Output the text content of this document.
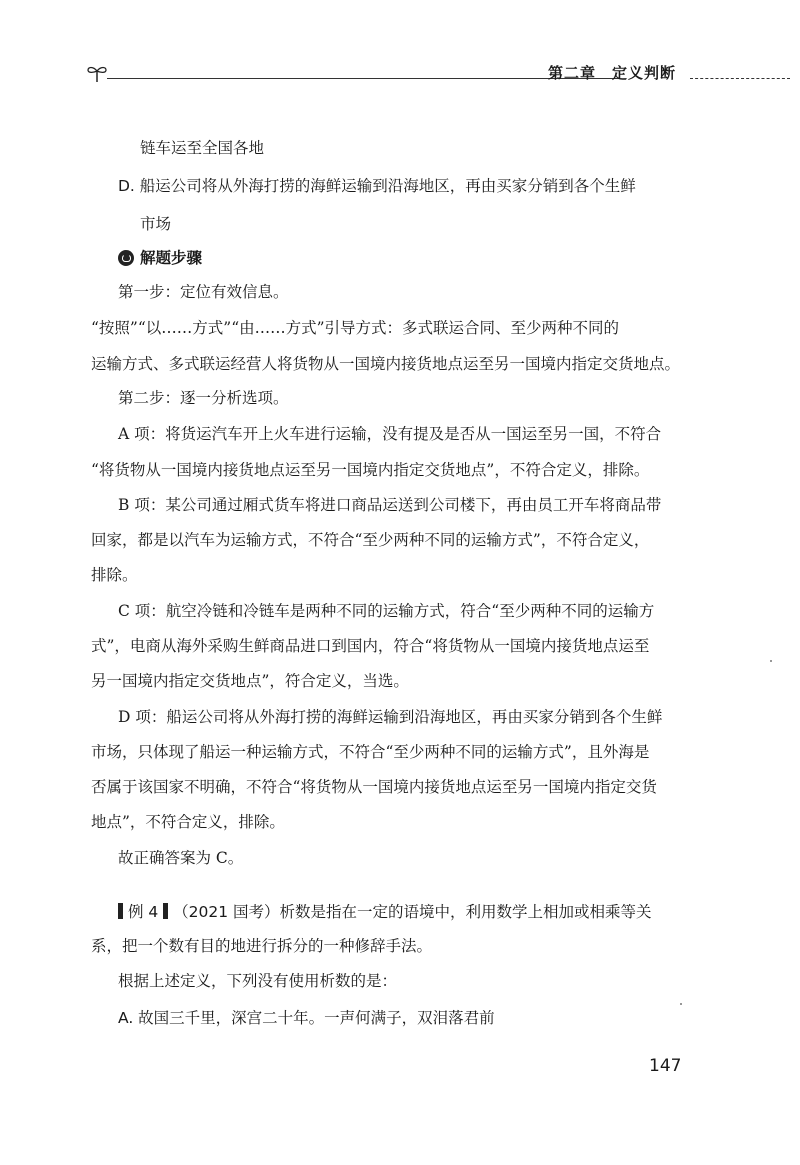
第二章　定义判断
链车运至全国各地
D. 船运公司将从外海打捞的海鲜运输到沿海地区，再由买家分销到各个生鲜
市场
解题步骤
第一步：定位有效信息。
“按照”“以……方式”“由……方式”引导方式：多式联运合同、至少两种不同的
运输方式、多式联运经营人将货物从一国境内接货地点运至另一国境内指定交货地点。
第二步：逐一分析选项。
A 项：将货运汽车开上火车进行运输，没有提及是否从一国运至另一国，不符合
“将货物从一国境内接货地点运至另一国境内指定交货地点”，不符合定义，排除。
B 项：某公司通过厢式货车将进口商品运送到公司楼下，再由员工开车将商品带
回家，都是以汽车为运输方式，不符合“至少两种不同的运输方式”，不符合定义，
排除。
C 项：航空冷链和冷链车是两种不同的运输方式，符合“至少两种不同的运输方
式”，电商从海外采购生鲜商品进口到国内，符合“将货物从一国境内接货地点运至
另一国境内指定交货地点”，符合定义，当选。
D 项：船运公司将从外海打捞的海鲜运输到沿海地区，再由买家分销到各个生鲜
市场，只体现了船运一种运输方式，不符合“至少两种不同的运输方式”，且外海是
否属于该国家不明确，不符合“将货物从一国境内接货地点运至另一国境内指定交货
地点”，不符合定义，排除。
故正确答案为 C。
例 4 （2021 国考）析数是指在一定的语境中，利用数学上相加或相乘等关
系，把一个数有目的地进行拆分的一种修辞手法。
根据上述定义，下列没有使用析数的是：
A. 故国三千里，深宫二十年。一声何满子，双泪落君前
147
